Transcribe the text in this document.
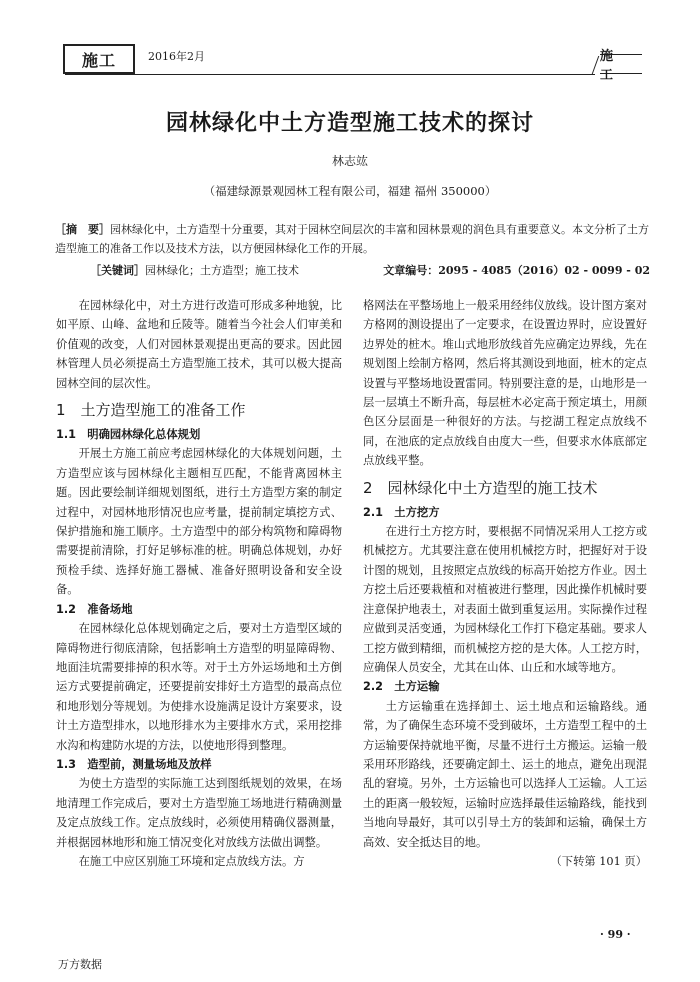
施工	2016年2月	施 工
园林绿化中土方造型施工技术的探讨
林志竑
（福建绿源景观园林工程有限公司，福建 福州 350000）
［摘　要］园林绿化中，土方造型十分重要，其对于园林空间层次的丰富和园林景观的润色具有重要意义。本文分析了土方造型施工的准备工作以及技术方法，以方便园林绿化工作的开展。
［关键词］园林绿化；土方造型；施工技术	文章编号：2095 - 4085（2016）02 - 0099 - 02

在园林绿化中，对土方进行改造可形成多种地貌，比如平原、山峰、盆地和丘陵等。随着当今社会人们审美和价值观的改变，人们对园林景观提出更高的要求。因此园林管理人员必须提高土方造型施工技术，其可以极大提高园林空间的层次性。

1　土方造型施工的准备工作
1.1　明确园林绿化总体规划

开展土方施工前应考虑园林绿化的大体规划问题，土方造型应该与园林绿化主题相互匹配，不能背离园林主题。因此要绘制详细规划图纸，进行土方造型方案的制定过程中，对园林地形情况也应考量，提前制定填挖方式、保护措施和施工顺序。土方造型中的部分构筑物和障碍物需要提前清除，打好足够标准的桩。明确总体规划，办好预检手续、选择好施工器械、准备好照明设备和安全设备。

1.2　准备场地

在园林绿化总体规划确定之后，要对土方造型区域的障碍物进行彻底清除，包括影响土方造型的明显障碍物、地面洼坑需要排掉的积水等。对于土方外运场地和土方倒运方式要提前确定，还要提前安排好土方造型的最高点位和地形划分等规划。为使排水设施满足设计方案要求，设计土方造型排水，以地形排水为主要排水方式，采用挖排水沟和构建防水堤的方法，以使地形得到整理。

1.3　造型前，测量场地及放样

为使土方造型的实际施工达到图纸规划的效果，在场地清理工作完成后，要对土方造型施工场地进行精确测量及定点放线工作。定点放线时，必须使用精确仪器测量，并根据园林地形和施工情况变化对放线方法做出调整。

在施工中应区别施工环境和定点放线方法。方

格网法在平整场地上一般采用经纬仪放线。设计图方案对方格网的测设提出了一定要求，在设置边界时，应设置好边界处的桩木。堆山式地形放线首先应确定边界线，先在规划图上绘制方格网，然后将其测设到地面，桩木的定点设置与平整场地设置雷同。特别要注意的是，山地形是一层一层填土不断升高，每层桩木必定高于预定填土，用颜色区分层面是一种很好的方法。与挖湖工程定点放线不同，在池底的定点放线自由度大一些，但要求水体底部定点放线平整。

2　园林绿化中土方造型的施工技术
2.1　土方挖方

在进行土方挖方时，要根据不同情况采用人工挖方或机械挖方。尤其要注意在使用机械挖方时，把握好对于设计图的规划，且按照定点放线的标高开始挖方作业。因土方挖土后还要栽植和对植被进行整理，因此操作机械时要注意保护地表土，对表面土做到重复运用。实际操作过程应做到灵活变通，为园林绿化工作打下稳定基础。要求人工挖方做到精细，而机械挖方挖的是大体。人工挖方时，应确保人员安全，尤其在山体、山丘和水域等地方。

2.2　土方运输

土方运输重在选择卸土、运土地点和运输路线。通常，为了确保生态环境不受到破坏，土方造型工程中的土方运输要保持就地平衡，尽量不进行土方搬运。运输一般采用环形路线，还要确定卸土、运土的地点，避免出现混乱的窘境。另外，土方运输也可以选择人工运输。人工运土的距离一般较短，运输时应选择最佳运输路线，能找到当地向导最好，其可以引导土方的装卸和运输，确保土方高效、安全抵达目的地。

（下转第 101 页）
· 99 ·
万方数据
